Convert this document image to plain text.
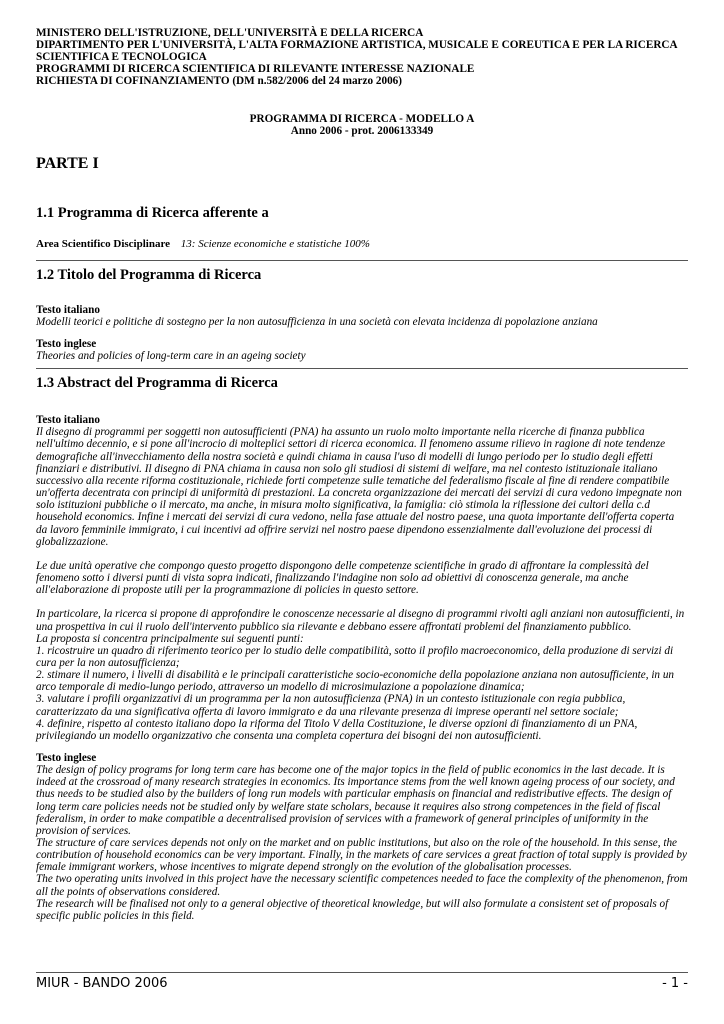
MINISTERO DELL'ISTRUZIONE, DELL'UNIVERSITÀ E DELLA RICERCA
DIPARTIMENTO PER L'UNIVERSITÀ, L'ALTA FORMAZIONE ARTISTICA, MUSICALE E COREUTICA E PER LA RICERCA SCIENTIFICA E TECNOLOGICA
PROGRAMMI DI RICERCA SCIENTIFICA DI RILEVANTE INTERESSE NAZIONALE
RICHIESTA DI COFINANZIAMENTO (DM n.582/2006 del 24 marzo 2006)
PROGRAMMA DI RICERCA - MODELLO A
Anno 2006 - prot. 2006133349
PARTE I
1.1 Programma di Ricerca afferente a
Area Scientifico Disciplinare 13: Scienze economiche e statistiche 100%
1.2 Titolo del Programma di Ricerca
Testo italiano
Modelli teorici e politiche di sostegno per la non autosufficienza in una società con elevata incidenza di popolazione anziana
Testo inglese
Theories and policies of long-term care in an ageing society
1.3 Abstract del Programma di Ricerca
Testo italiano

Il disegno di programmi per soggetti non autosufficienti (PNA) ha assunto un ruolo molto importante nella ricerche di finanza pubblica nell'ultimo decennio, e si pone all'incrocio di molteplici settori di ricerca economica. Il fenomeno assume rilievo in ragione di note tendenze demografiche all'invecchiamento della nostra società e quindi chiama in causa l'uso di modelli di lungo periodo per lo studio degli effetti finanziari e distributivi. Il disegno di PNA chiama in causa non solo gli studiosi di sistemi di welfare, ma nel contesto istituzionale italiano successivo alla recente riforma costituzionale, richiede forti competenze sulle tematiche del federalismo fiscale al fine di rendere compatibile un'offerta decentrata con principi di uniformità di prestazioni. La concreta organizzazione dei mercati dei servizi di cura vedono impegnate non solo istituzioni pubbliche o il mercato, ma anche, in misura molto significativa, la famiglia: ciò stimola la riflessione dei cultori della c.d household economics. Infine i mercati dei servizi di cura vedono, nella fase attuale del nostro paese, una quota importante dell'offerta coperta da lavoro femminile immigrato, i cui incentivi ad offrire servizi nel nostro paese dipendono essenzialmente dall'evoluzione dei processi di globalizzazione.

Le due unità operative che compongo questo progetto dispongono delle competenze scientifiche in grado di affrontare la complessità del fenomeno sotto i diversi punti di vista sopra indicati, finalizzando l'indagine non solo ad obiettivi di conoscenza generale, ma anche all'elaborazione di proposte utili per la programmazione di policies in questo settore.

In particolare, la ricerca si propone di approfondire le conoscenze necessarie al disegno di programmi rivolti agli anziani non autosufficienti, in una prospettiva in cui il ruolo dell'intervento pubblico sia rilevante e debbano essere affrontati problemi del finanziamento pubblico.

La proposta si concentra principalmente sui seguenti punti:

1. ricostruire un quadro di riferimento teorico per lo studio delle compatibilità, sotto il profilo macroeconomico, della produzione di servizi di cura per la non autosufficienza;

2. stimare il numero, i livelli di disabilità e le principali caratteristiche socio-economiche della popolazione anziana non autosufficiente, in un arco temporale di medio-lungo periodo, attraverso un modello di microsimulazione a popolazione dinamica;

3. valutare i profili organizzativi di un programma per la non autosufficienza (PNA) in un contesto istituzionale con regia pubblica, caratterizzato da una significativa offerta di lavoro immigrato e da una rilevante presenza di imprese operanti nel settore sociale;

4. definire, rispetto al contesto italiano dopo la riforma del Titolo V della Costituzione, le diverse opzioni di finanziamento di un PNA, privilegiando un modello organizzativo che consenta una completa copertura dei bisogni dei non autosufficienti.

Testo inglese

The design of policy programs for long term care has become one of the major topics in the field of public economics in the last decade. It is indeed at the crossroad of many research strategies in economics. Its importance stems from the well known ageing process of our society, and thus needs to be studied also by the builders of long run models with particular emphasis on financial and redistributive effects. The design of long term care policies needs not be studied only by welfare state scholars, because it requires also strong competences in the field of fiscal federalism, in order to make compatible a decentralised provision of services with a framework of general principles of uniformity in the provision of services.

The structure of care services depends not only on the market and on public institutions, but also on the role of the household. In this sense, the contribution of household economics can be very important. Finally, in the markets of care services a great fraction of total supply is provided by female immigrant workers, whose incentives to migrate depend strongly on the evolution of the globalisation processes.

The two operating units involved in this project have the necessary scientific competences needed to face the complexity of the phenomenon, from all the points of observations considered.

The research will be finalised not only to a general objective of theoretical knowledge, but will also formulate a consistent set of proposals of specific public policies in this field.

MIUR - BANDO 2006	- 1 -
